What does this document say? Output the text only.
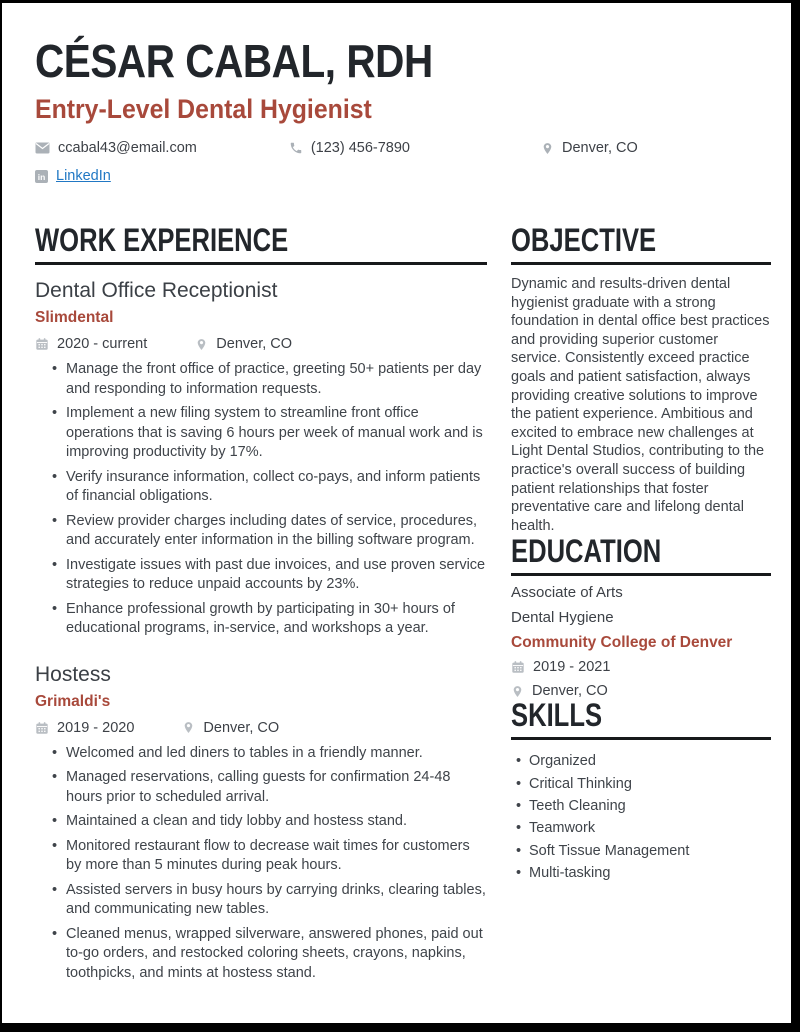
CÉSAR CABAL, RDH
Entry-Level Dental Hygienist
ccabal43@email.com	(123) 456-7890	Denver, CO
in LinkedIn
WORK EXPERIENCE
Dental Office Receptionist
Slimdental
2020 - current	Denver, CO
• Manage the front office of practice, greeting 50+ patients per day and responding to information requests.
• Implement a new filing system to streamline front office operations that is saving 6 hours per week of manual work and is improving productivity by 17%.
• Verify insurance information, collect co-pays, and inform patients of financial obligations.
• Review provider charges including dates of service, procedures, and accurately enter information in the billing software program.
• Investigate issues with past due invoices, and use proven service strategies to reduce unpaid accounts by 23%.
• Enhance professional growth by participating in 30+ hours of educational programs, in-service, and workshops a year.
Hostess
Grimaldi's
2019 - 2020	Denver, CO
• Welcomed and led diners to tables in a friendly manner.
• Managed reservations, calling guests for confirmation 24-48 hours prior to scheduled arrival.
• Maintained a clean and tidy lobby and hostess stand.
• Monitored restaurant flow to decrease wait times for customers by more than 5 minutes during peak hours.
• Assisted servers in busy hours by carrying drinks, clearing tables, and communicating new tables.
• Cleaned menus, wrapped silverware, answered phones, paid out to-go orders, and restocked coloring sheets, crayons, napkins, toothpicks, and mints at hostess stand.
OBJECTIVE
Dynamic and results-driven dental hygienist graduate with a strong foundation in dental office best practices and providing superior customer service. Consistently exceed practice goals and patient satisfaction, always providing creative solutions to improve the patient experience. Ambitious and excited to embrace new challenges at Light Dental Studios, contributing to the practice's overall success of building patient relationships that foster preventative care and lifelong dental health.
EDUCATION
Associate of Arts
Dental Hygiene
Community College of Denver
2019 - 2021
Denver, CO
SKILLS
• Organized
• Critical Thinking
• Teeth Cleaning
• Teamwork
• Soft Tissue Management
• Multi-tasking
